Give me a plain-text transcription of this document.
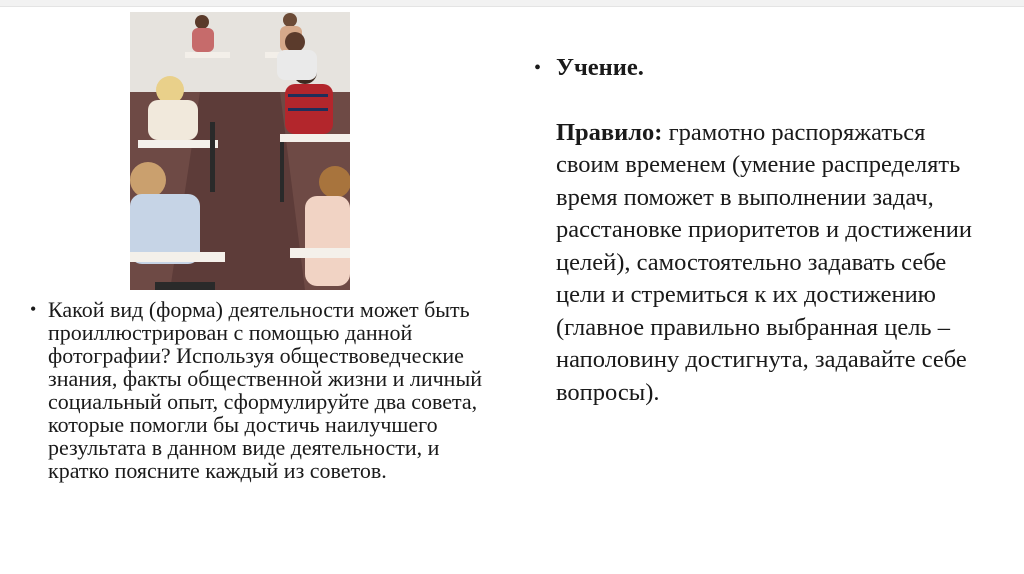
• Какой вид (форма) деятельности может быть проиллюстрирован с помощью данной фотографии? Используя обществоведческие знания, факты общественной жизни и личный социальный опыт, сформулируйте два совета, которые помогли бы достичь наилучшего результата в данном виде деятельности, и кратко поясните каждый из советов.
• Учение.
Правило: грамотно распоряжаться своим временем (умение распределять время поможет в выполнении задач, расстановке приоритетов и достижении целей), самостоятельно задавать себе цели и стремиться к их достижению (главное правильно выбранная цель – наполовину достигнута, задавайте себе вопросы).
